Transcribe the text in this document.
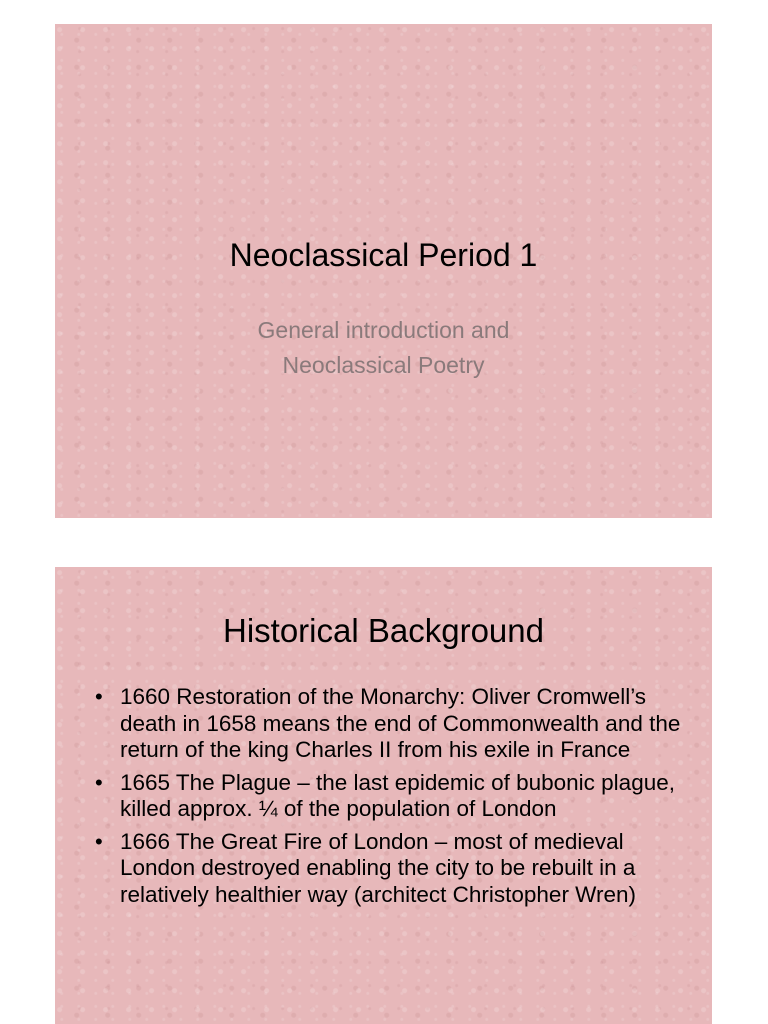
Neoclassical Period 1
General introduction and
Neoclassical Poetry
Historical Background
• 1660 Restoration of the Monarchy: Oliver Cromwell’s death in 1658 means the end of Commonwealth and the return of the king Charles II from his exile in France
• 1665 The Plague – the last epidemic of bubonic plague, killed approx. ¼ of the population of London
• 1666 The Great Fire of London – most of medieval London destroyed enabling the city to be rebuilt in a relatively healthier way (architect Christopher Wren)
